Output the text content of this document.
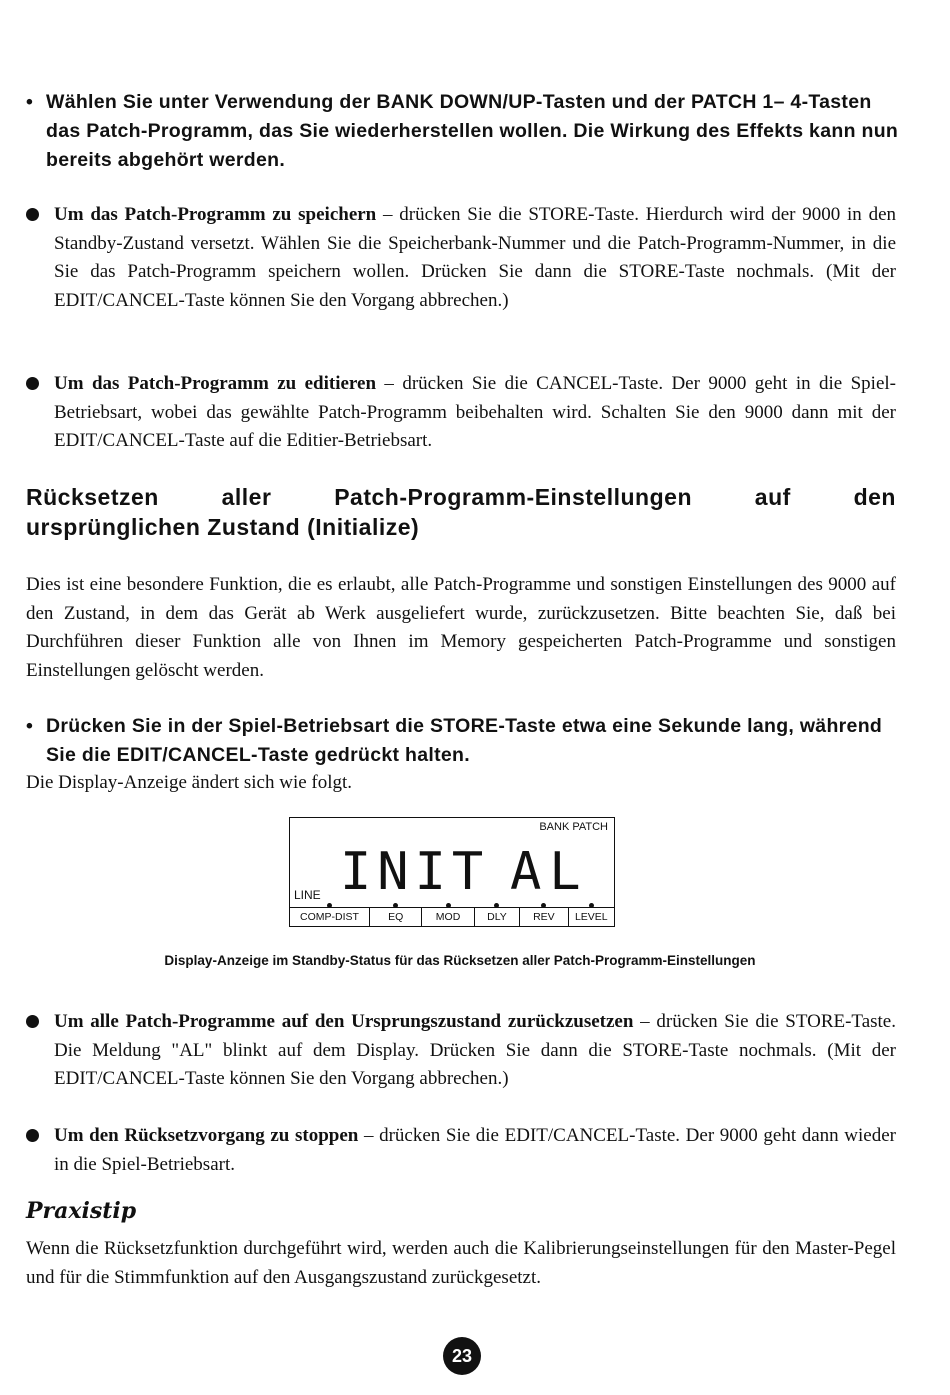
• Wählen Sie unter Verwendung der BANK DOWN/UP-Tasten und der PATCH 1– 4-Tasten das Patch-Programm, das Sie wiederherstellen wollen. Die Wirkung des Effekts kann nun bereits abgehört werden.
Um das Patch-Programm zu speichern – drücken Sie die STORE-Taste. Hierdurch wird der 9000 in den Standby-Zustand versetzt. Wählen Sie die Speicherbank-Nummer und die Patch-Programm-Nummer, in die Sie das Patch-Programm speichern wollen. Drücken Sie dann die STORE-Taste nochmals. (Mit der EDIT/CANCEL-Taste können Sie den Vorgang abbrechen.)
Um das Patch-Programm zu editieren – drücken Sie die CANCEL-Taste. Der 9000 geht in die Spiel-Betriebsart, wobei das gewählte Patch-Programm beibehalten wird. Schalten Sie den 9000 dann mit der EDIT/CANCEL-Taste auf die Editier-Betriebsart.
Rücksetzen	aller	Patch-Programm-Einstellungen	auf	den
ursprünglichen Zustand (Initialize)
Dies ist eine besondere Funktion, die es erlaubt, alle Patch-Programme und sonstigen Einstellungen des 9000 auf den Zustand, in dem das Gerät ab Werk ausgeliefert wurde, zurückzusetzen. Bitte beachten Sie, daß bei Durchführen dieser Funktion alle von Ihnen im Memory gespeicherten Patch-Programme und sonstigen Einstellungen gelöscht werden.
• Drücken Sie in der Spiel-Betriebsart die STORE-Taste etwa eine Sekunde lang, während Sie die EDIT/CANCEL-Taste gedrückt halten.
Die Display-Anzeige ändert sich wie folgt.
BANK PATCH
LINE INIT AL
COMP-DIST	EQ	MOD	DLY	REV	LEVEL
Display-Anzeige im Standby-Status für das Rücksetzen aller Patch-Programm-Einstellungen
Um alle Patch-Programme auf den Ursprungszustand zurückzusetzen – drücken Sie die STORE-Taste. Die Meldung "AL" blinkt auf dem Display. Drücken Sie dann die STORE-Taste nochmals. (Mit der EDIT/CANCEL-Taste können Sie den Vorgang abbrechen.)
Um den Rücksetzvorgang zu stoppen – drücken Sie die EDIT/CANCEL-Taste. Der 9000 geht dann wieder in die Spiel-Betriebsart.
Praxistip
Wenn die Rücksetzfunktion durchgeführt wird, werden auch die Kalibrierungseinstellungen für den Master-Pegel und für die Stimmfunktion auf den Ausgangszustand zurückgesetzt.
23
